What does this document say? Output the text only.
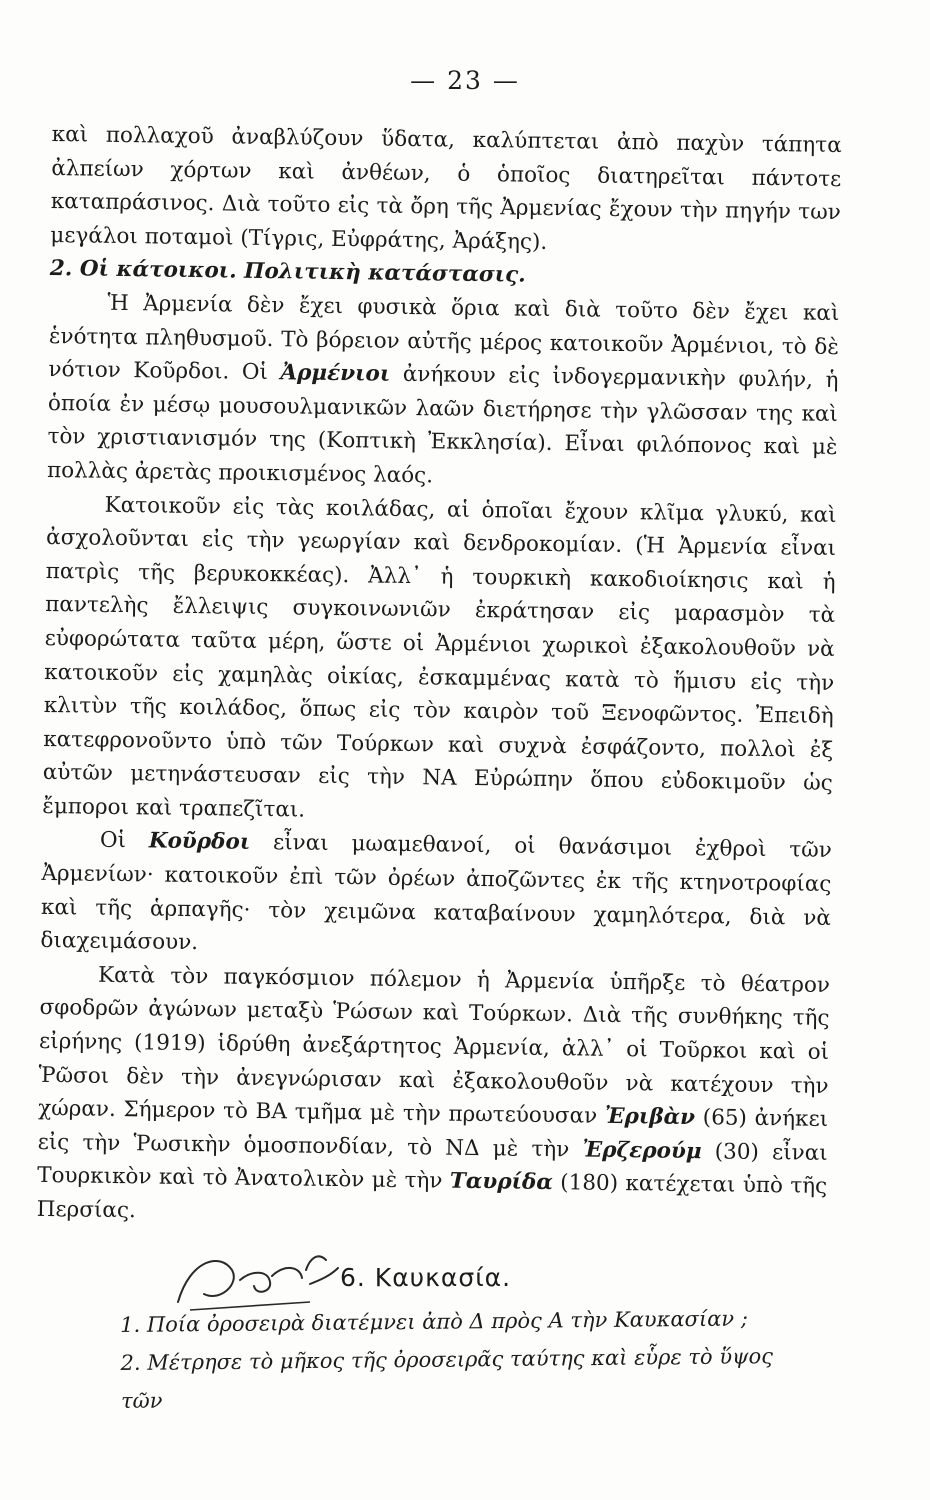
— 23 —

καὶ πολλαχοῦ ἀναβλύζουν ὕδατα, καλύπτεται ἀπὸ παχὺν τάπητα ἀλπείων χόρτων καὶ ἀνθέων, ὁ ὁποῖος διατηρεῖται πάντοτε καταπράσινος. Διὰ τοῦτο εἰς τὰ ὄρη τῆς Ἀρμενίας ἔχουν τὴν πηγήν των μεγάλοι ποταμοὶ (Τίγρις, Εὐφράτης, Ἀράξης).

2. Οἱ κάτοικοι. Πολιτικὴ κατάστασις.

Ἡ Ἀρμενία δὲν ἔχει φυσικὰ ὅρια καὶ διὰ τοῦτο δὲν ἔχει καὶ ἑνότητα πληθυσμοῦ. Τὸ βόρειον αὐτῆς μέρος κατοικοῦν Ἀρμένιοι, τὸ δὲ νότιον Κοῦρδοι. Οἱ Ἀρμένιοι ἀνήκουν εἰς ἰνδογερμανικὴν φυλήν, ἡ ὁποία ἐν μέσῳ μουσουλμανικῶν λαῶν διετήρησε τὴν γλῶσσαν της καὶ τὸν χριστιανισμόν της (Κοπτικὴ Ἐκκλησία). Εἶναι φιλόπονος καὶ μὲ πολλὰς ἀρετὰς προικισμένος λαός.

Κατοικοῦν εἰς τὰς κοιλάδας, αἱ ὁποῖαι ἔχουν κλῖμα γλυκύ, καὶ ἀσχολοῦνται εἰς τὴν γεωργίαν καὶ δενδροκομίαν. (Ἡ Ἀρμενία εἶναι πατρὶς τῆς βερυκοκκέας). Ἀλλ᾽ ἡ τουρκικὴ κακοδιοίκησις καὶ ἡ παντελὴς ἔλλειψις συγκοινωνιῶν ἐκράτησαν εἰς μαρασμὸν τὰ εὐφορώτατα ταῦτα μέρη, ὥστε οἱ Ἀρμένιοι χωρικοὶ ἐξακολουθοῦν νὰ κατοικοῦν εἰς χαμηλὰς οἰκίας, ἐσκαμμένας κατὰ τὸ ἥμισυ εἰς τὴν κλιτὺν τῆς κοιλάδος, ὅπως εἰς τὸν καιρὸν τοῦ Ξενοφῶντος. Ἐπειδὴ κατεφρονοῦντο ὑπὸ τῶν Τούρκων καὶ συχνὰ ἐσφάζοντο, πολλοὶ ἐξ αὐτῶν μετηνάστευσαν εἰς τὴν ΝΑ Εὐρώπην ὅπου εὐδοκιμοῦν ὡς ἔμποροι καὶ τραπεζῖται.

Οἱ Κοῦρδοι εἶναι μωαμεθανοί, οἱ θανάσιμοι ἐχθροὶ τῶν Ἀρμενίων· κατοικοῦν ἐπὶ τῶν ὀρέων ἀποζῶντες ἐκ τῆς κτηνοτροφίας καὶ τῆς ἁρπαγῆς· τὸν χειμῶνα καταβαίνουν χαμηλότερα, διὰ νὰ διαχειμάσουν.

Κατὰ τὸν παγκόσμιον πόλεμον ἡ Ἀρμενία ὑπῆρξε τὸ θέατρον σφοδρῶν ἀγώνων μεταξὺ Ῥώσων καὶ Τούρκων. Διὰ τῆς συνθήκης τῆς εἰρήνης (1919) ἱδρύθη ἀνεξάρτητος Ἀρμενία, ἀλλ᾽ οἱ Τοῦρκοι καὶ οἱ Ῥῶσοι δὲν τὴν ἀνεγνώρισαν καὶ ἐξακολουθοῦν νὰ κατέχουν τὴν χώραν. Σήμερον τὸ ΒΑ τμῆμα μὲ τὴν πρωτεύουσαν Ἐριβὰν (65) ἀνήκει εἰς τὴν Ῥωσικὴν ὁμοσπονδίαν, τὸ ΝΔ μὲ τὴν Ἐρζερούμ (30) εἶναι Τουρκικὸν καὶ τὸ Ἀνατολικὸν μὲ τὴν Ταυρίδα (180) κατέχεται ὑπὸ τῆς Περσίας.

6. Καυκασία.

1. Ποία ὀροσειρὰ διατέμνει ἀπὸ Δ πρὸς Α τὴν Καυκασίαν ;

2. Μέτρησε τὸ μῆκος τῆς ὀροσειρᾶς ταύτης καὶ εὗρε τὸ ὕψος τῶν
